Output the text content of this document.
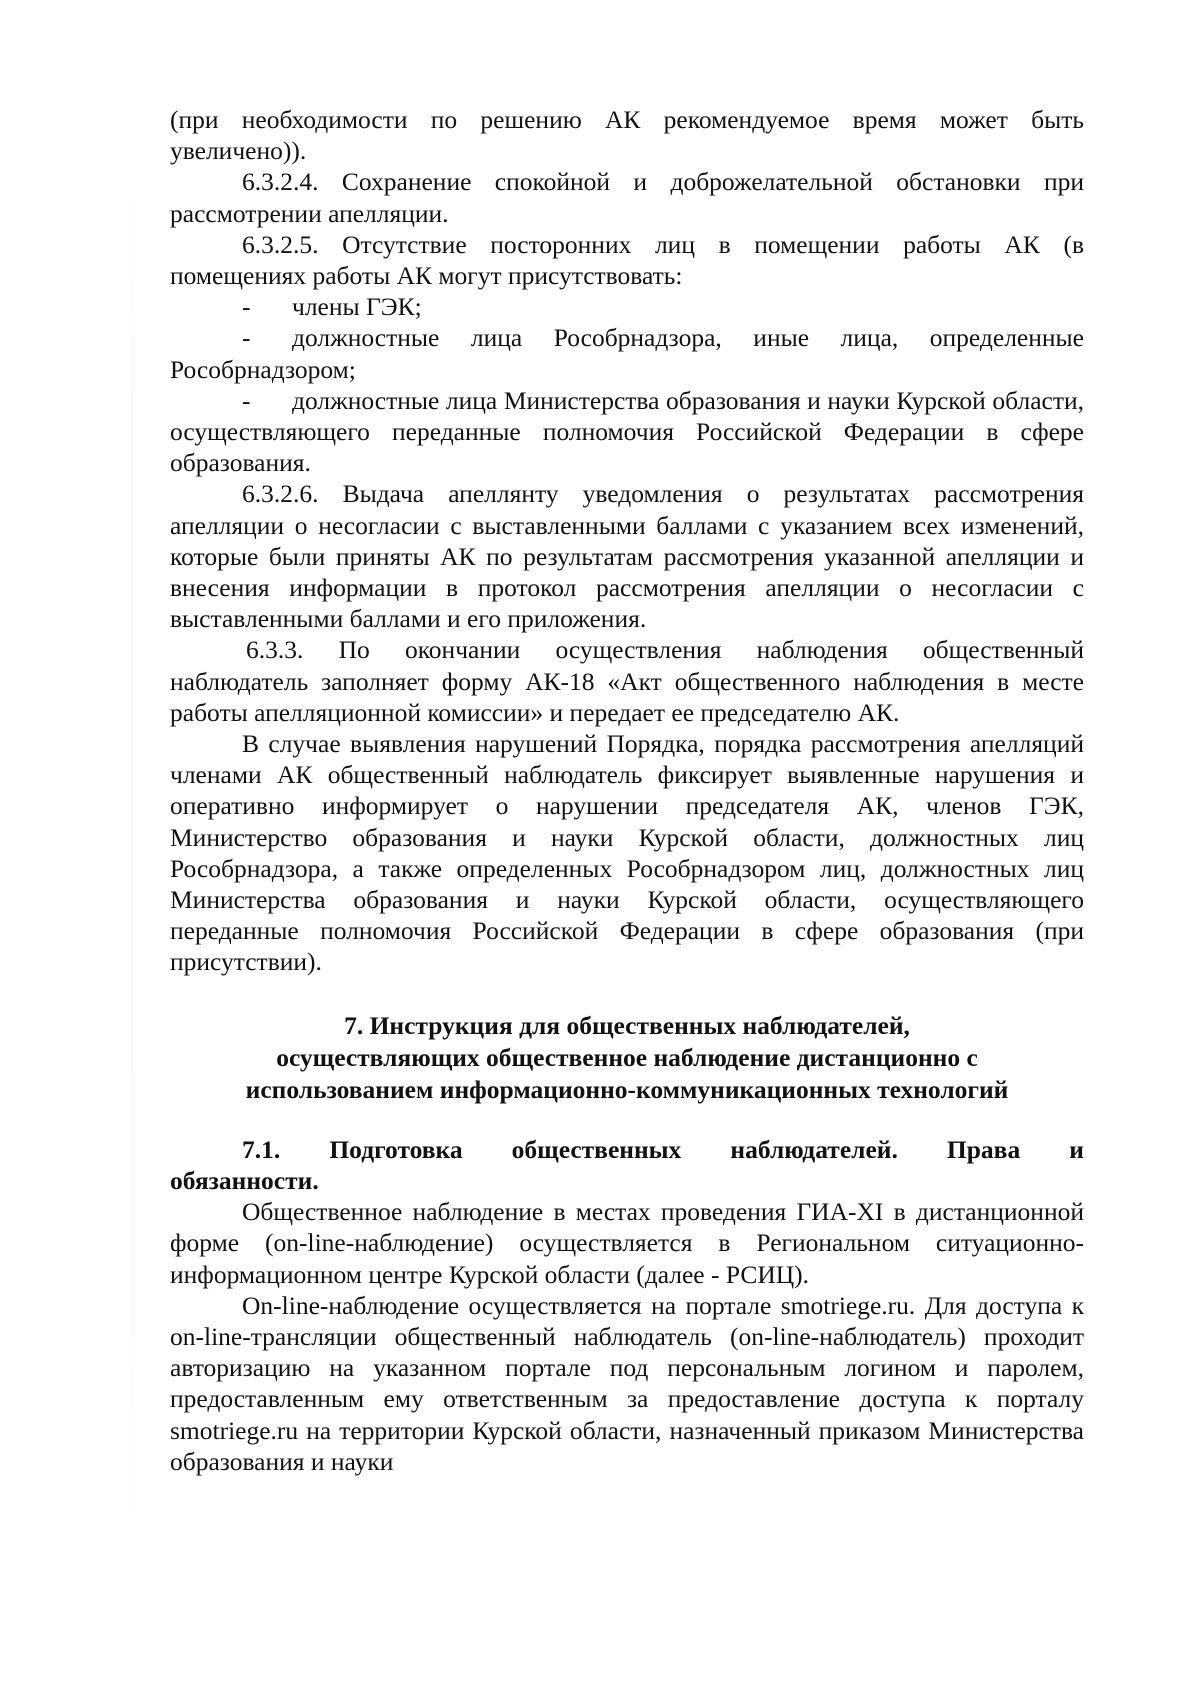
(при необходимости по решению АК рекомендуемое время может быть увеличено)).

6.3.2.4. Сохранение спокойной и доброжелательной обстановки при рассмотрении апелляции.

6.3.2.5. Отсутствие посторонних лиц в помещении работы АК (в помещениях работы АК могут присутствовать:

- члены ГЭК;

- должностные лица Рособрнадзора, иные лица, определенные Рособрнадзором;

- должностные лица Министерства образования и науки Курской области, осуществляющего переданные полномочия Российской Федерации в сфере образования.

6.3.2.6. Выдача апеллянту уведомления о результатах рассмотрения апелляции о несогласии с выставленными баллами с указанием всех изменений, которые были приняты АК по результатам рассмотрения указанной апелляции и внесения информации в протокол рассмотрения апелляции о несогласии с выставленными баллами и его приложения.

6.3.3. По окончании осуществления наблюдения общественный наблюдатель заполняет форму АК-18 «Акт общественного наблюдения в месте работы апелляционной комиссии» и передает ее председателю АК.

В случае выявления нарушений Порядка, порядка рассмотрения апелляций членами АК общественный наблюдатель фиксирует выявленные нарушения и оперативно информирует о нарушении председателя АК, членов ГЭК, Министерство образования и науки Курской области, должностных лиц Рособрнадзора, а также определенных Рособрнадзором лиц, должностных лиц Министерства образования и науки Курской области, осуществляющего переданные полномочия Российской Федерации в сфере образования (при присутствии).

7. Инструкция для общественных наблюдателей,
осуществляющих общественное наблюдение дистанционно с
использованием информационно-коммуникационных технологий

7.1. Подготовка общественных наблюдателей. Права и обязанности.

Общественное наблюдение в местах проведения ГИА-XI в дистанционной форме (on-line-наблюдение) осуществляется в Региональном ситуационно-информационном центре Курской области (далее - РСИЦ).

On-line-наблюдение осуществляется на портале smotriege.ru. Для доступа к on-line-трансляции общественный наблюдатель (on-line-наблюдатель) проходит авторизацию на указанном портале под персональным логином и паролем, предоставленным ему ответственным за предоставление доступа к порталу smotriege.ru на территории Курской области, назначенный приказом Министерства образования и науки
